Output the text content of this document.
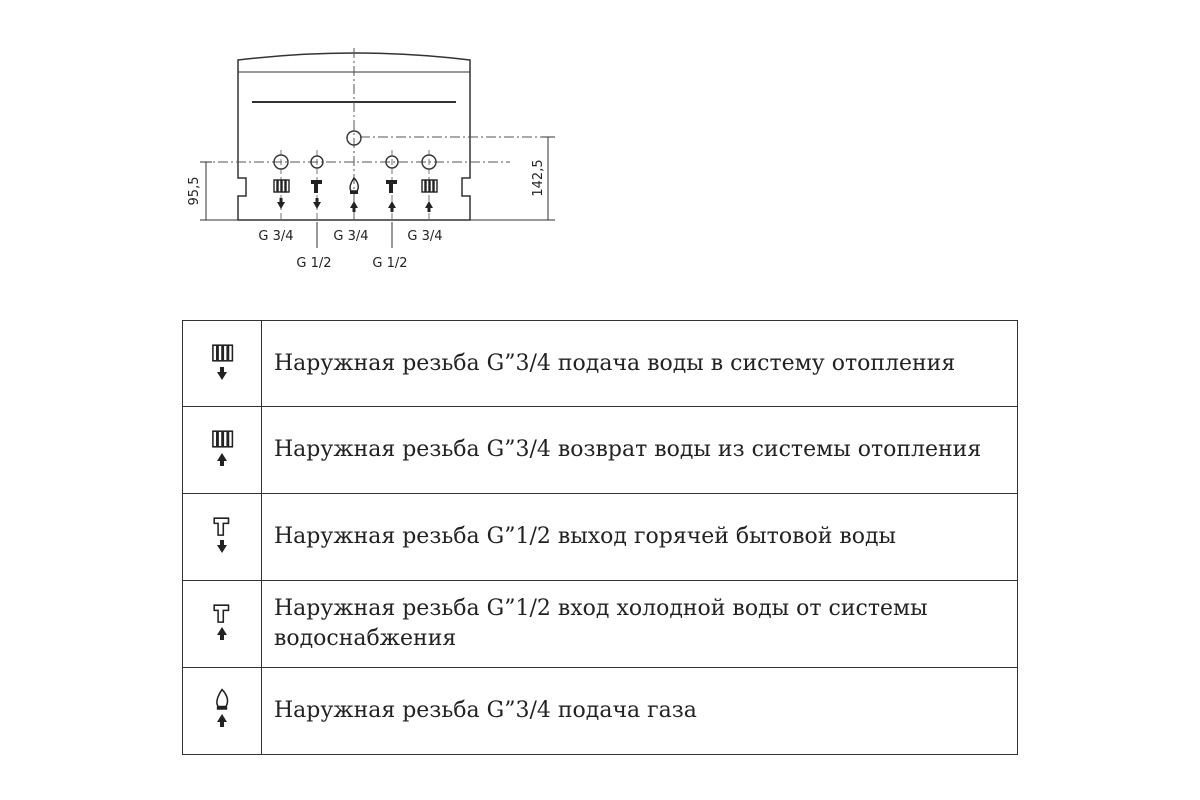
95,5	142,5
G 3/4	G 3/4	G 3/4
G 1/2	G 1/2
	Наружная резьба G”3/4 подача воды в систему отопления
	Наружная резьба G”3/4 возврат воды из системы отопления
	Наружная резьба G”1/2 выход горячей бытовой воды
	Наружная резьба G”1/2 вход холодной воды от системы водоснабжения
	Наружная резьба G”3/4 подача газа
